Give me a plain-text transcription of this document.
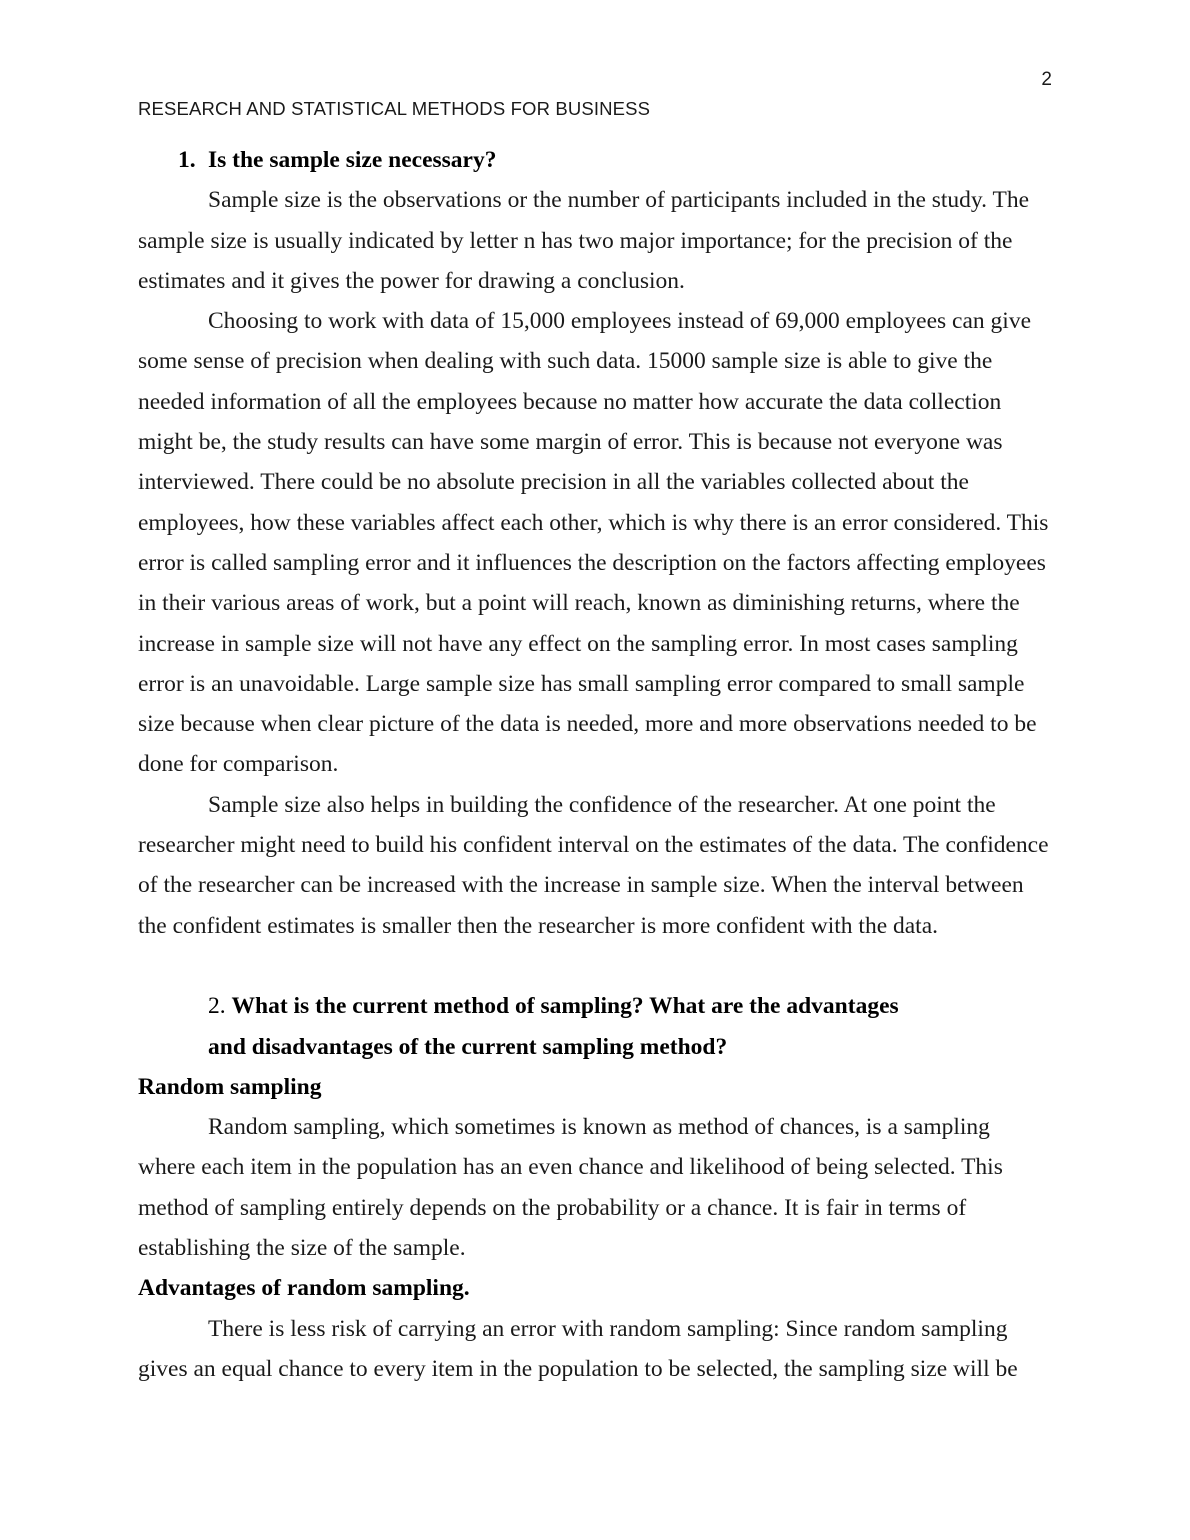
2
RESEARCH AND STATISTICAL METHODS FOR BUSINESS
1. Is the sample size necessary?

Sample size is the observations or the number of participants included in the study. The sample size is usually indicated by letter n has two major importance; for the precision of the estimates and it gives the power for drawing a conclusion.

Choosing to work with data of 15,000 employees instead of 69,000 employees can give some sense of precision when dealing with such data. 15000 sample size is able to give the needed information of all the employees because no matter how accurate the data collection might be, the study results can have some margin of error. This is because not everyone was interviewed. There could be no absolute precision in all the variables collected about the employees, how these variables affect each other, which is why there is an error considered. This error is called sampling error and it influences the description on the factors affecting employees in their various areas of work, but a point will reach, known as diminishing returns, where the increase in sample size will not have any effect on the sampling error. In most cases sampling error is an unavoidable. Large sample size has small sampling error compared to small sample size because when clear picture of the data is needed, more and more observations needed to be done for comparison.

Sample size also helps in building the confidence of the researcher. At one point the researcher might need to build his confident interval on the estimates of the data. The confidence of the researcher can be increased with the increase in sample size. When the interval between the confident estimates is smaller then the researcher is more confident with the data.

2. What is the current method of sampling? What are the advantages and disadvantages of the current sampling method?

Random sampling

Random sampling, which sometimes is known as method of chances, is a sampling where each item in the population has an even chance and likelihood of being selected. This method of sampling entirely depends on the probability or a chance. It is fair in terms of establishing the size of the sample.

Advantages of random sampling.

There is less risk of carrying an error with random sampling: Since random sampling gives an equal chance to every item in the population to be selected, the sampling size will be
